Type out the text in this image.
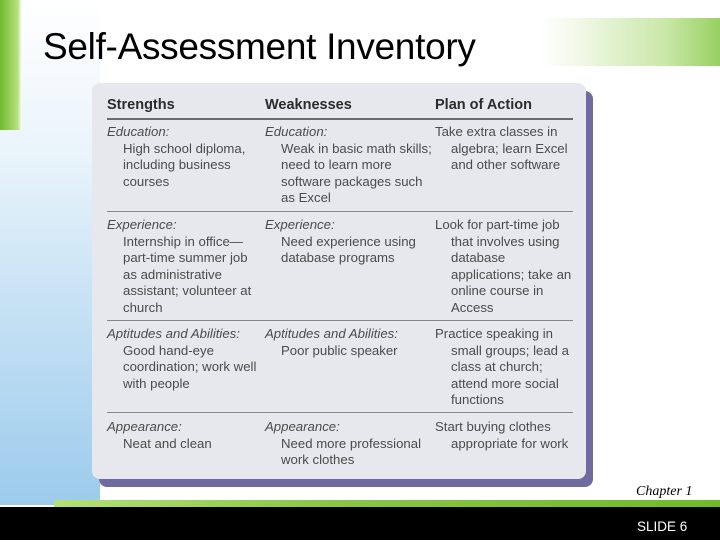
Self-Assessment Inventory
Strengths	Weaknesses	Plan of Action
Education:
High school diploma, including business courses
Education:
Weak in basic math skills; need to learn more software packages such as Excel
Take extra classes in algebra; learn Excel and other software
Experience:
Internship in office—part-time summer job as administrative assistant; volunteer at church
Experience:
Need experience using database programs
Look for part-time job that involves using database applications; take an online course in Access
Aptitudes and Abilities:
Good hand-eye coordination; work well with people
Aptitudes and Abilities:
Poor public speaker
Practice speaking in small groups; lead a class at church; attend more social functions
Appearance:
Neat and clean
Appearance:
Need more professional work clothes
Start buying clothes appropriate for work
Chapter 1
SLIDE 6
